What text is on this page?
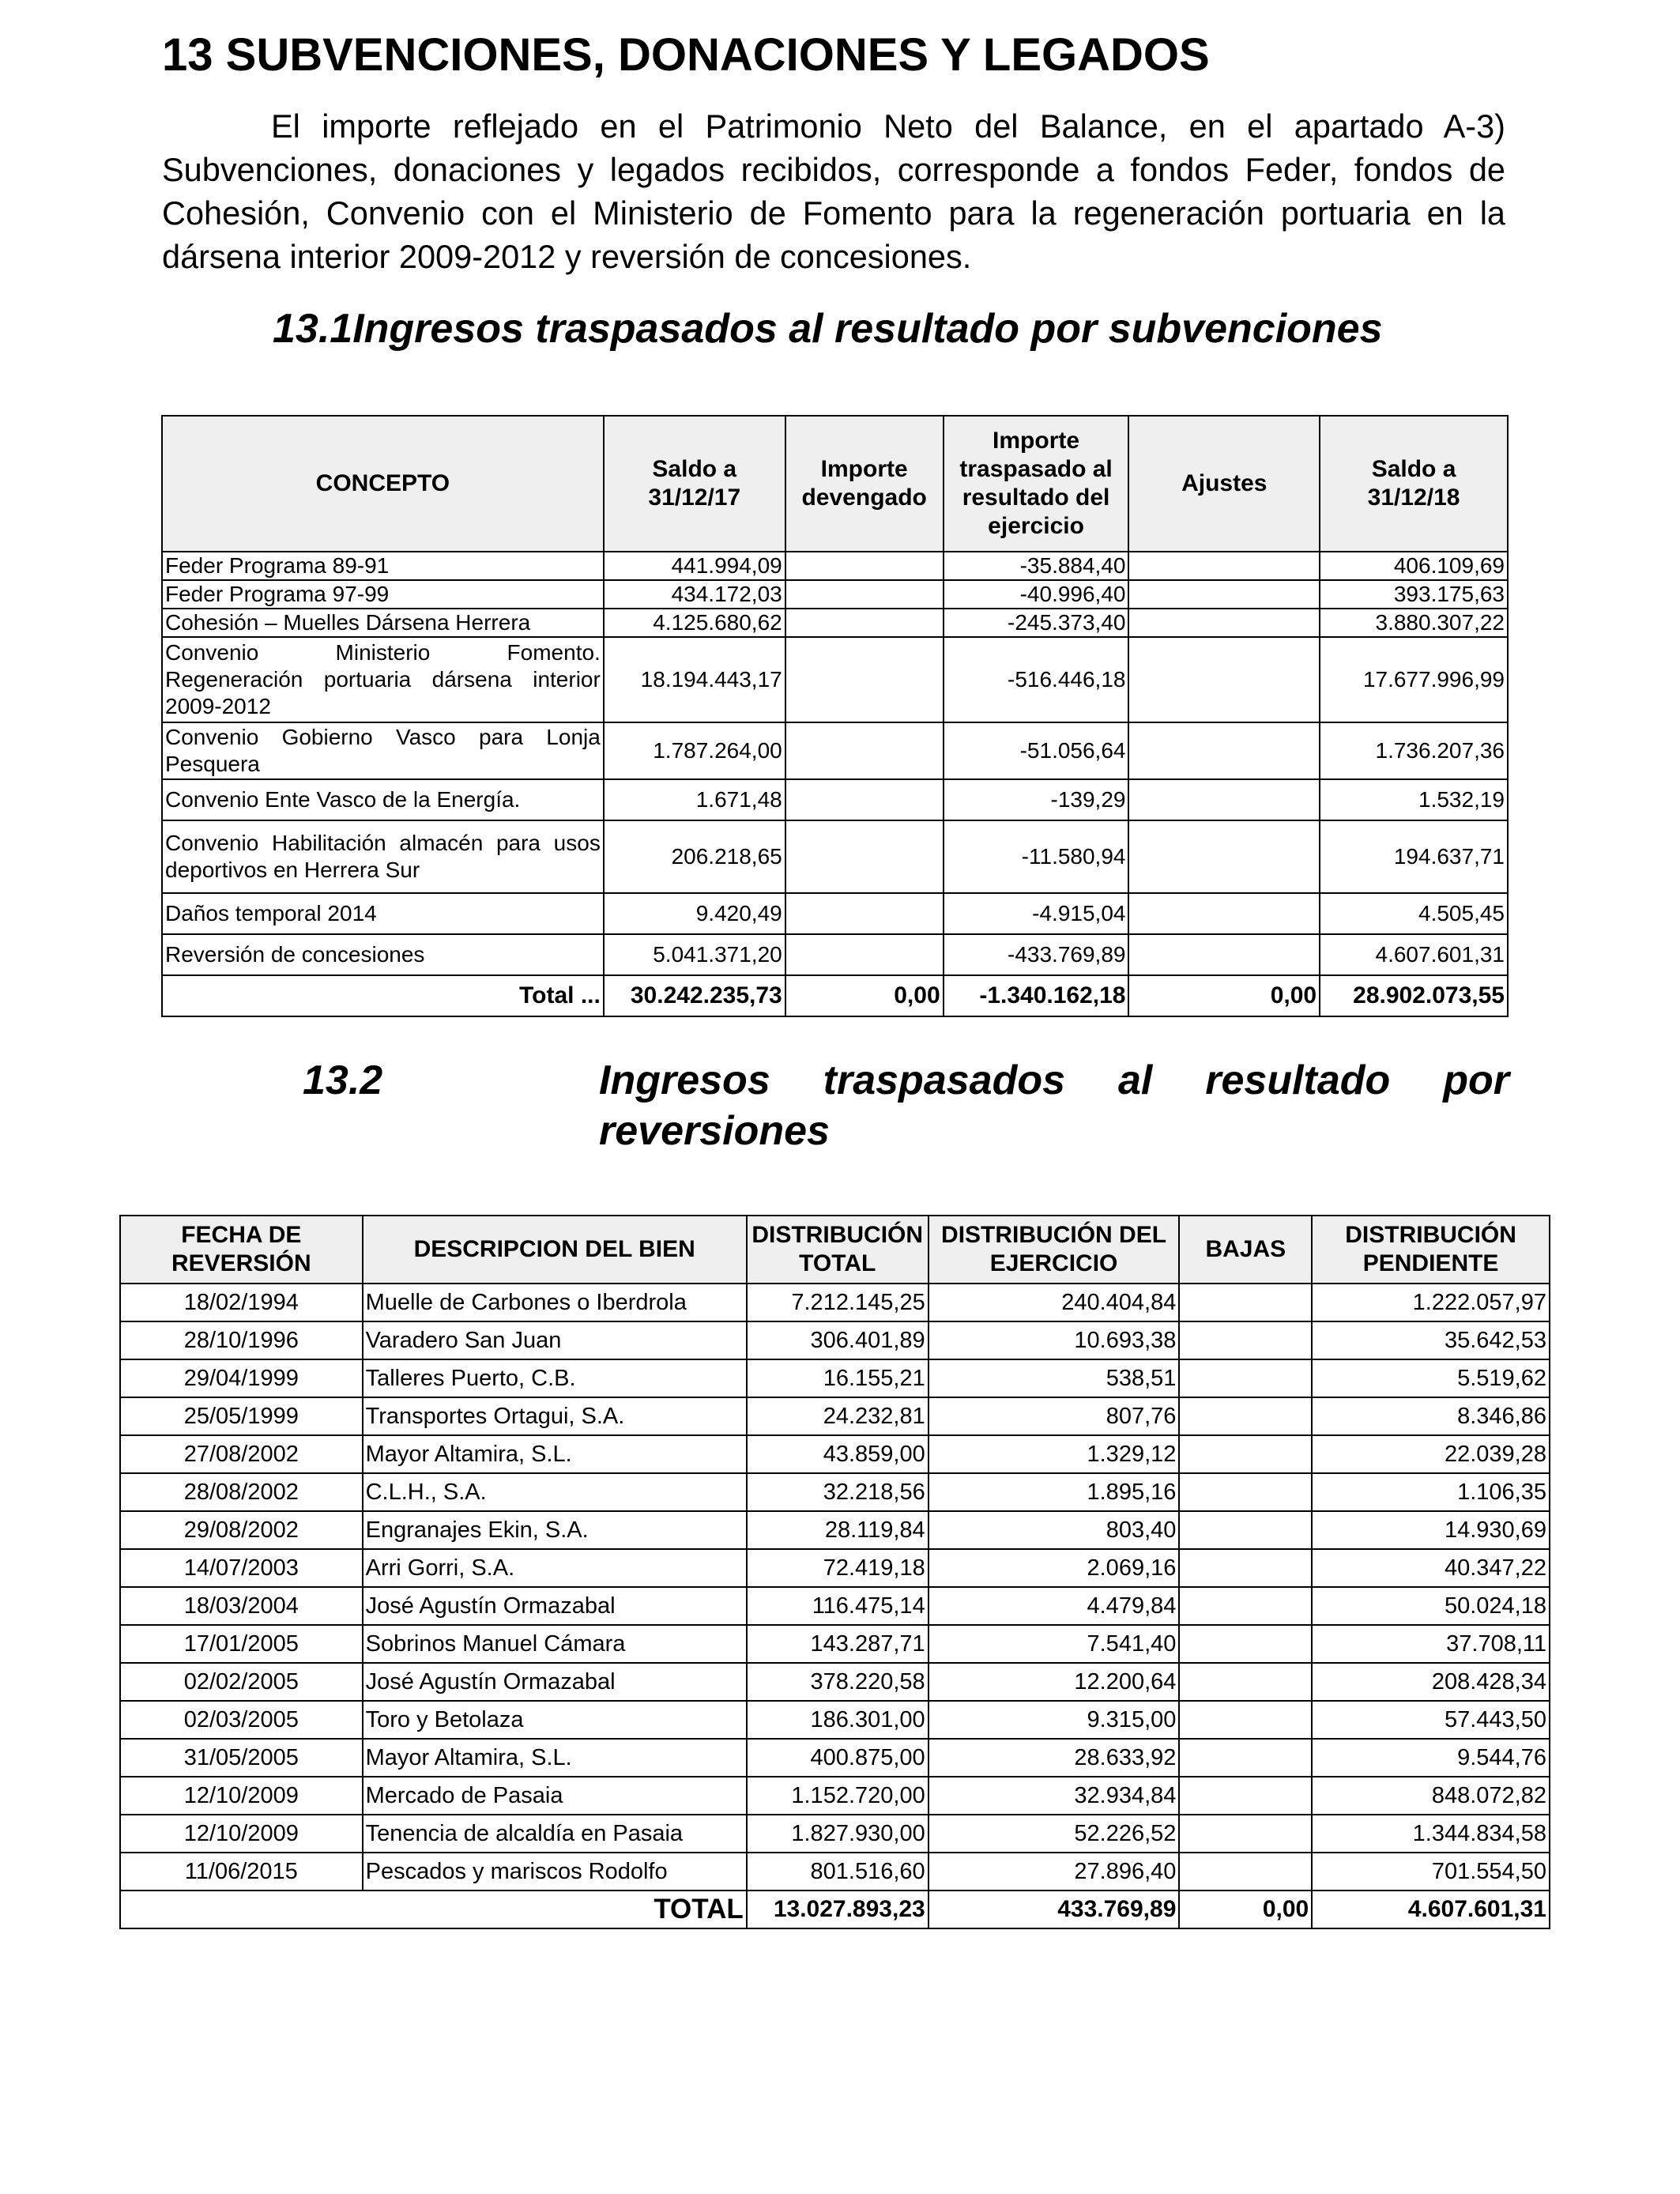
13 SUBVENCIONES, DONACIONES Y LEGADOS

El importe reflejado en el Patrimonio Neto del Balance, en el apartado A-3) Subvenciones, donaciones y legados recibidos, corresponde a fondos Feder, fondos de Cohesión, Convenio con el Ministerio de Fomento para la regeneración portuaria en la dársena interior 2009-2012 y reversión de concesiones.

13.1Ingresos traspasados al resultado por subvenciones
CONCEPTO	Saldo a 31/12/17	Importe devengado	Importe traspasado al resultado del ejercicio	Ajustes	Saldo a 31/12/18
Feder Programa 89-91	441.994,09		-35.884,40		406.109,69
Feder Programa 97-99	434.172,03		-40.996,40		393.175,63
Cohesión – Muelles Dársena Herrera	4.125.680,62		-245.373,40		3.880.307,22
Convenio Ministerio Fomento. Regeneración portuaria dársena interior 2009-2012	18.194.443,17		-516.446,18		17.677.996,99
Convenio Gobierno Vasco para Lonja Pesquera	1.787.264,00		-51.056,64		1.736.207,36
Convenio Ente Vasco de la Energía.	1.671,48		-139,29		1.532,19
Convenio Habilitación almacén para usos deportivos en Herrera Sur	206.218,65		-11.580,94		194.637,71
Daños temporal 2014	9.420,49		-4.915,04		4.505,45
Reversión de concesiones	5.041.371,20		-433.769,89		4.607.601,31
Total ...	30.242.235,73	0,00	-1.340.162,18	0,00	28.902.073,55
13.2	Ingresos traspasados al resultado por
reversiones
FECHA DE REVERSIÓN	DESCRIPCION DEL BIEN	DISTRIBUCIÓN TOTAL	DISTRIBUCIÓN DEL EJERCICIO	BAJAS	DISTRIBUCIÓN PENDIENTE
18/02/1994	Muelle de Carbones o Iberdrola	7.212.145,25	240.404,84		1.222.057,97
28/10/1996	Varadero San Juan	306.401,89	10.693,38		35.642,53
29/04/1999	Talleres Puerto, C.B.	16.155,21	538,51		5.519,62
25/05/1999	Transportes Ortagui, S.A.	24.232,81	807,76		8.346,86
27/08/2002	Mayor Altamira, S.L.	43.859,00	1.329,12		22.039,28
28/08/2002	C.L.H., S.A.	32.218,56	1.895,16		1.106,35
29/08/2002	Engranajes Ekin, S.A.	28.119,84	803,40		14.930,69
14/07/2003	Arri Gorri, S.A.	72.419,18	2.069,16		40.347,22
18/03/2004	José Agustín Ormazabal	116.475,14	4.479,84		50.024,18
17/01/2005	Sobrinos Manuel Cámara	143.287,71	7.541,40		37.708,11
02/02/2005	José Agustín Ormazabal	378.220,58	12.200,64		208.428,34
02/03/2005	Toro y Betolaza	186.301,00	9.315,00		57.443,50
31/05/2005	Mayor Altamira, S.L.	400.875,00	28.633,92		9.544,76
12/10/2009	Mercado de Pasaia	1.152.720,00	32.934,84		848.072,82
12/10/2009	Tenencia de alcaldía en Pasaia	1.827.930,00	52.226,52		1.344.834,58
11/06/2015	Pescados y mariscos Rodolfo	801.516,60	27.896,40		701.554,50
TOTAL		13.027.893,23	433.769,89	0,00	4.607.601,31
